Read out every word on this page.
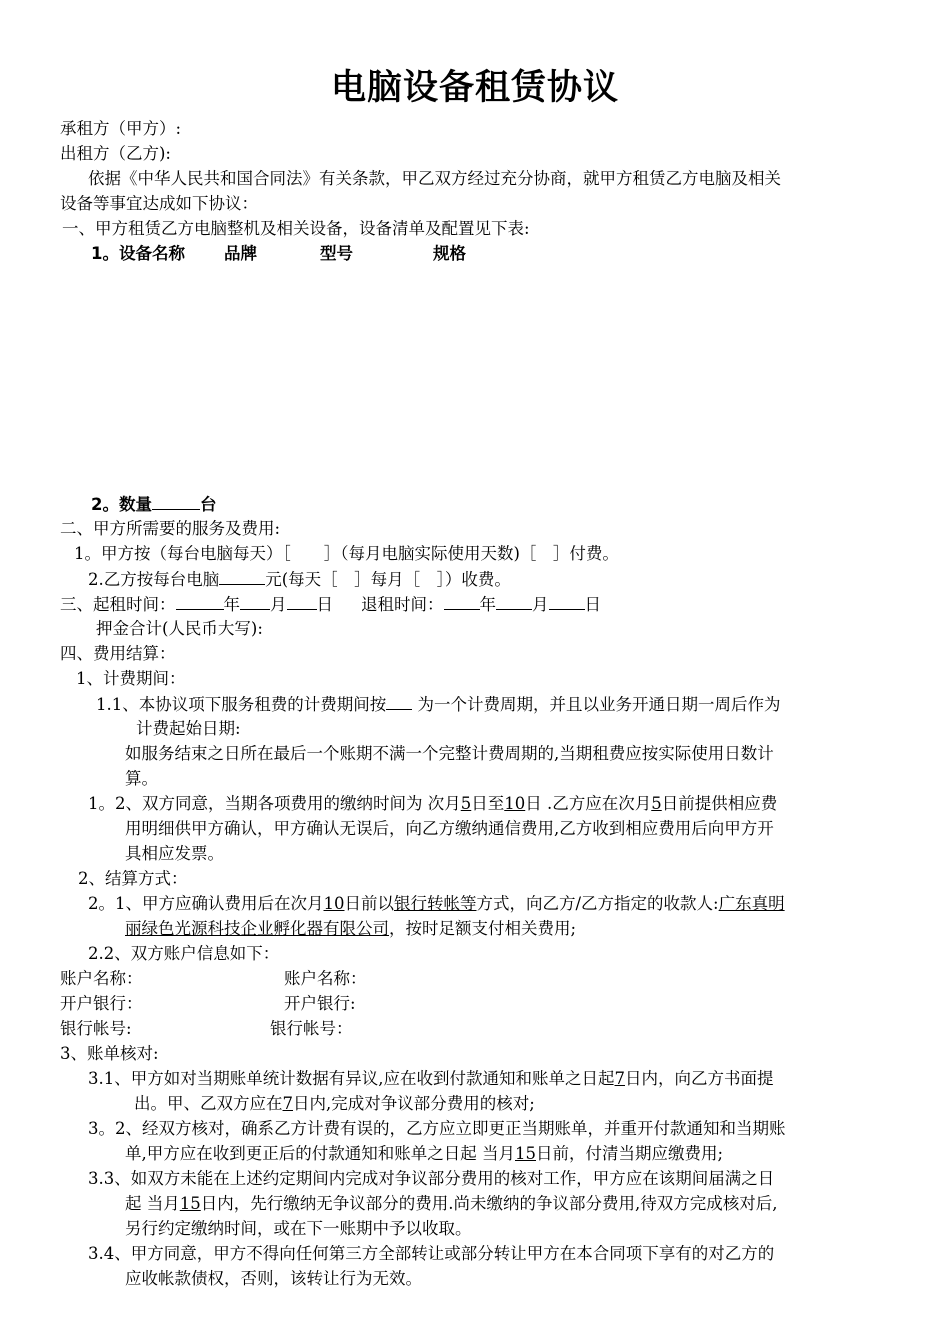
电脑设备租赁协议
承租方（甲方）:
出租方（乙方):
依据《中华人民共和国合同法》有关条款，甲乙双方经过充分协商，就甲方租赁乙方电脑及相关
设备等事宜达成如下协议：
一、甲方租赁乙方电脑整机及相关设备，设备清单及配置见下表:
1。设备名称 品牌	型号	规格
2。数量	台
二、甲方所需要的服务及费用:
1。甲方按（每台电脑每天）［　　］（每月电脑实际使用天数)［　］付费。
2.乙方按每台电脑	元(每天［　］每月［　］）收费。
三、起租时间：	年 月 日 退租时间： 年 月 日
押金合计(人民币大写):
四、费用结算：
1、计费期间：
1.1、本协议项下服务租费的计费期间按 为一个计费周期，并且以业务开通日期一周后作为
计费起始日期:
如服务结束之日所在最后一个账期不满一个完整计费周期的,当期租费应按实际使用日数计
算。
1。2、双方同意，当期各项费用的缴纳时间为 次月5日至10日 .乙方应在次月5日前提供相应费
用明细供甲方确认，甲方确认无误后，向乙方缴纳通信费用,乙方收到相应费用后向甲方开
具相应发票。
2、结算方式：
2。1、甲方应确认费用后在次月10日前以银行转帐等方式，向乙方/乙方指定的收款人:广东真明
丽绿色光源科技企业孵化器有限公司，按时足额支付相关费用;
2.2、双方账户信息如下：
账户名称：	账户名称：
开户银行：	开户银行:
银行帐号:	银行帐号：
3、账单核对:
3.1、甲方如对当期账单统计数据有异议,应在收到付款通知和账单之日起7日内，向乙方书面提
出。甲、乙双方应在7日内,完成对争议部分费用的核对;
3。2、经双方核对，确系乙方计费有误的，乙方应立即更正当期账单，并重开付款通知和当期账
单,甲方应在收到更正后的付款通知和账单之日起 当月15日前，付清当期应缴费用;
3.3、如双方未能在上述约定期间内完成对争议部分费用的核对工作，甲方应在该期间届满之日
起 当月15日内，先行缴纳无争议部分的费用.尚未缴纳的争议部分费用,待双方完成核对后,
另行约定缴纳时间，或在下一账期中予以收取。
3.4、甲方同意，甲方不得向任何第三方全部转让或部分转让甲方在本合同项下享有的对乙方的
应收帐款债权，否则，该转让行为无效。
